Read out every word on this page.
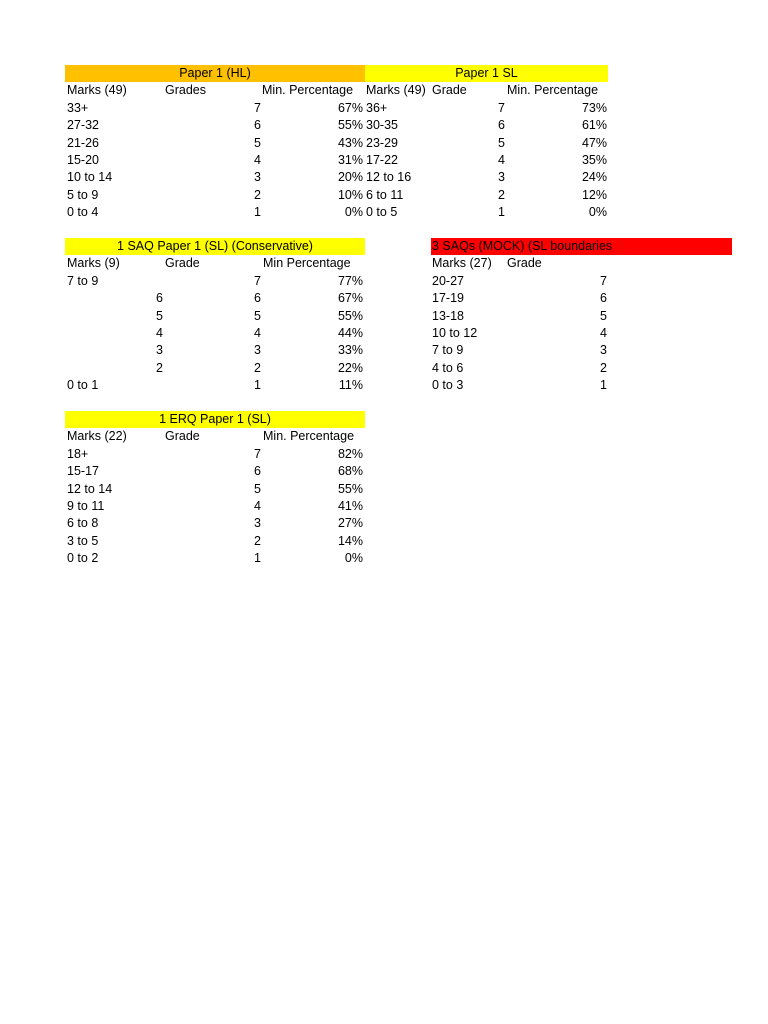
Paper 1 (HL)
Marks (49)	Grades	Min. Percentage
33+	7	67%
27-32	6	55%
21-26	5	43%
15-20	4	31%
10 to 14	3	20%
5 to 9	2	10%
0 to 4	1	0%
Paper 1 SL
Marks (49) Grade	Min. Percentage
36+	7	73%
30-35	6	61%
23-29	5	47%
17-22	4	35%
12 to 16	3	24%
6 to 11	2	12%
0 to 5	1	0%
1 SAQ Paper 1 (SL) (Conservative)
Marks (9)	Grade	Min Percentage
7 to 9	7	77%
6	6	67%
5	5	55%
4	4	44%
3	3	33%
2	2	22%
0 to 1	1	11%
3 SAQs (MOCK) (SL boundaries
Marks (27) Grade
20-27	7
17-19	6
13-18	5
10 to 12	4
7 to 9	3
4 to 6	2
0 to 3	1
1 ERQ Paper 1 (SL)
Marks (22)	Grade	Min. Percentage
18+	7	82%
15-17	6	68%
12 to 14	5	55%
9 to 11	4	41%
6 to 8	3	27%
3 to 5	2	14%
0 to 2	1	0%
